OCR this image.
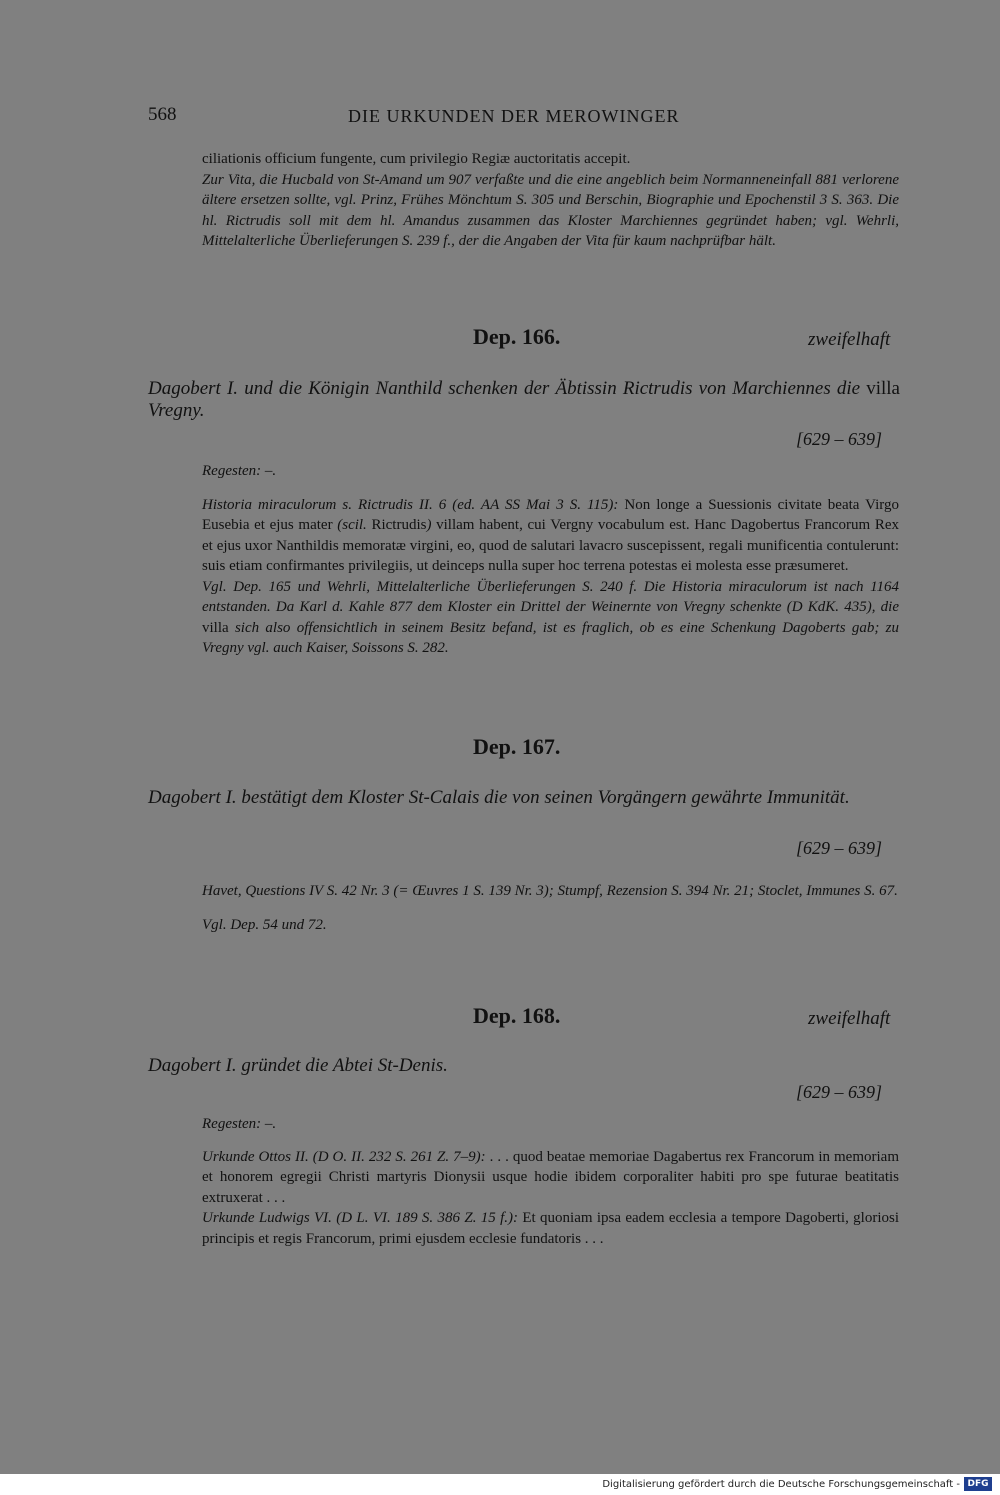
568	DIE URKUNDEN DER MEROWINGER

ciliationis officium fungente, cum privilegio Regiæ auctoritatis accepit.

Zur Vita, die Hucbald von St-Amand um 907 verfaßte und die eine angeblich beim Normanneneinfall 881 verlorene ältere ersetzen sollte, vgl. Prinz, Frühes Mönchtum S. 305 und Berschin, Biographie und Epochenstil 3 S. 363. Die hl. Rictrudis soll mit dem hl. Amandus zusammen das Kloster Marchiennes gegründet haben; vgl. Wehrli, Mittelalterliche Überlieferungen S. 239 f., der die Angaben der Vita für kaum nachprüfbar hält.

Dep. 166.	zweifelhaft
Dagobert I. und die Königin Nanthild schenken der Äbtissin Rictrudis von Marchiennes die villa Vregny.
[629 – 639]

Regesten: –.

Historia miraculorum s. Rictrudis II. 6 (ed. AA SS Mai 3 S. 115): Non longe a Suessionis civitate beata Virgo Eusebia et ejus mater (scil. Rictrudis) villam habent, cui Vergny vocabulum est. Hanc Dagobertus Francorum Rex et ejus uxor Nanthildis memoratæ virgini, eo, quod de salutari lavacro suscepissent, regali munificentia contulerunt: suis etiam confirmantes privilegiis, ut deinceps nulla super hoc terrena potestas ei molesta esse præsumeret.

Vgl. Dep. 165 und Wehrli, Mittelalterliche Überlieferungen S. 240 f. Die Historia miraculorum ist nach 1164 entstanden. Da Karl d. Kahle 877 dem Kloster ein Drittel der Weinernte von Vregny schenkte (D KdK. 435), die villa sich also offensichtlich in seinem Besitz befand, ist es fraglich, ob es eine Schenkung Dagoberts gab; zu Vregny vgl. auch Kaiser, Soissons S. 282.

Dep. 167.
Dagobert I. bestätigt dem Kloster St-Calais die von seinen Vorgängern gewährte Immunität.
[629 – 639]

Havet, Questions IV S. 42 Nr. 3 (= Œuvres 1 S. 139 Nr. 3); Stumpf, Rezension S. 394 Nr. 21; Stoclet, Immunes S. 67.

Vgl. Dep. 54 und 72.

Dep. 168.	zweifelhaft
Dagobert I. gründet die Abtei St-Denis.
[629 – 639]

Regesten: –.

Urkunde Ottos II. (D O. II. 232 S. 261 Z. 7–9): . . . quod beatae memoriae Dagabertus rex Francorum in memoriam et honorem egregii Christi martyris Dionysii usque hodie ibidem corporaliter habiti pro spe futurae beatitatis extruxerat . . .

Urkunde Ludwigs VI. (D L. VI. 189 S. 386 Z. 15 f.): Et quoniam ipsa eadem ecclesia a tempore Dagoberti, gloriosi principis et regis Francorum, primi ejusdem ecclesie fundatoris . . .

Digitalisierung gefördert durch die Deutsche Forschungsgemeinschaft - DFG
